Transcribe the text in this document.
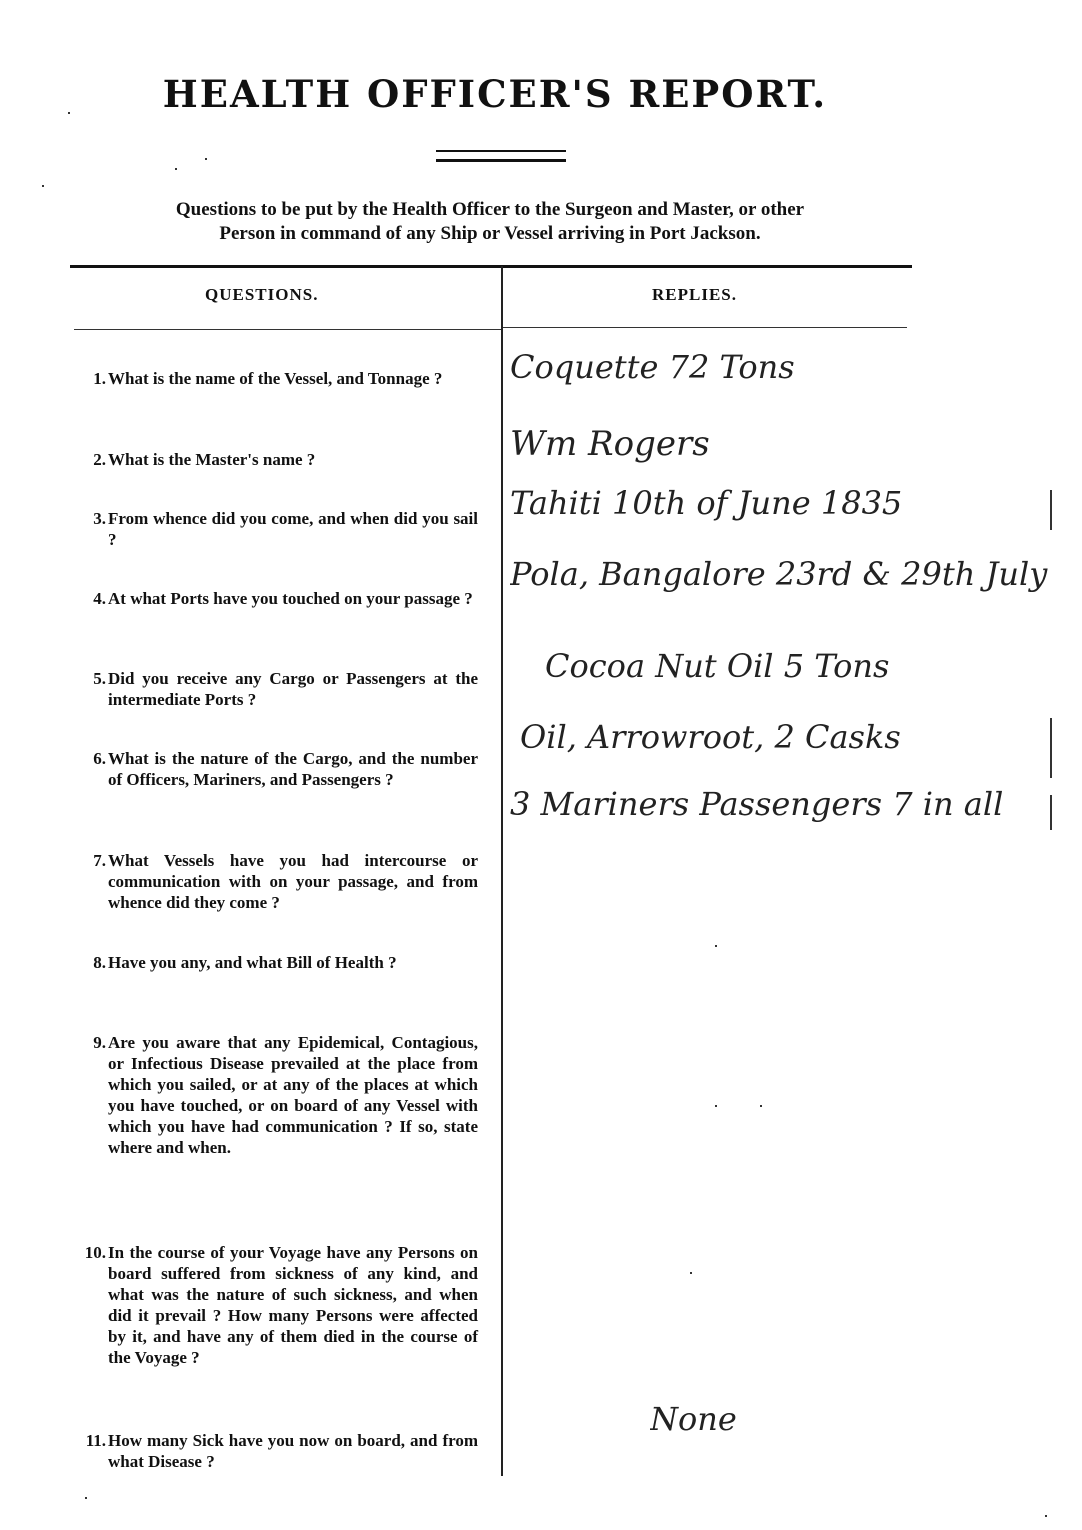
HEALTH OFFICER'S REPORT.
Questions to be put by the Health Officer to the Surgeon and Master, or other
Person in command of any Ship or Vessel arriving in Port Jackson.
QUESTIONS.	REPLIES.
1. What is the name of the Vessel, and Tonnage ?
2. What is the Master's name ?
3. From whence did you come, and when did you sail ?
4. At what Ports have you touched on your passage ?
5. Did you receive any Cargo or Passengers at the intermediate Ports ?
6. What is the nature of the Cargo, and the number of Officers, Mariners, and Passengers ?
7. What Vessels have you had intercourse or communication with on your passage, and from whence did they come ?
8. Have you any, and what Bill of Health ?
9. Are you aware that any Epidemical, Contagious, or Infectious Disease prevailed at the place from which you sailed, or at any of the places at which you have touched, or on board of any Vessel with which you have had communication ? If so, state where and when.
10. In the course of your Voyage have any Persons on board suffered from sickness of any kind, and what was the nature of such sickness, and when did it prevail ? How many Persons were affected by it, and have any of them died in the course of the Voyage ?
11. How many Sick have you now on board, and from what Disease ?
Coquette 72 Tons
Wm Rogers
Tahiti 10th of June 1835
Pola, Bangalore 23rd & 29th July
Cocoa Nut Oil 5 Tons
Oil, Arrowroot, 2 Casks
3 Mariners Passengers 7 in all
None
